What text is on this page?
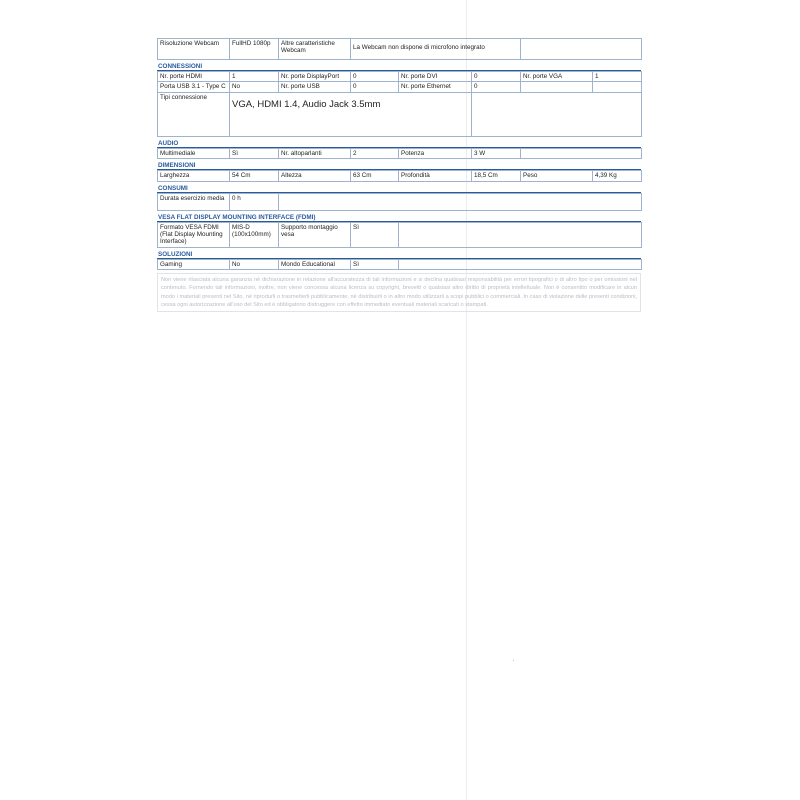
Risoluzione Webcam	FullHD 1080p	Altre caratteristiche Webcam	La Webcam non dispone di microfono integrato	
CONNESSIONI
Nr. porte HDMI	1	Nr. porte DisplayPort	0	Nr. porte DVI	0	Nr. porte VGA	1
Porta USB 3.1 - Type C	No	Nr. porte USB	0	Nr. porte Ethernet	0		
Tipi connessione	VGA, HDMI 1.4, Audio Jack 3.5mm						
AUDIO
Multimediale	Sì	Nr. altoparlanti	2	Potenza	3 W	
DIMENSIONI
Larghezza	54 Cm	Altezza	63 Cm	Profondità	18,5 Cm	Peso	4,39 Kg
CONSUMI
Durata esercizio media	0 h	
VESA FLAT DISPLAY MOUNTING INTERFACE (FDMI)
Formato VESA FDMI (Flat Display Mounting Interface)	MIS-D (100x100mm)	Supporto montaggio vesa	Sì	
SOLUZIONI
Gaming	No	Mondo Educational	Sì	
Non viene rilasciata alcuna garanzia nè dichiarazione in relazione all'accuratezza di tali informazioni e si declina qualsiasi responsabilità per errori tipografici o di altro tipo o per omissioni nel contenuto. Fornendo tali informazioni, inoltre, non viene concessa alcuna licenza su copyright, brevetti o qualsiasi altro diritto di proprietà intellettuale. Non è consentito modificare in alcun modo i materiali presenti nel Sito, nè riprodurli o trasmetterli pubblicamente, nè distribuirli o in altro modo utilizzarli a scopi pubblici o commerciali. In caso di violazione delle presenti condizioni, cessa ogni autorizzazione all'uso del Sito ed è obbligatorio distruggere con effetto immediato eventuali materiali scaricati o stampati.
